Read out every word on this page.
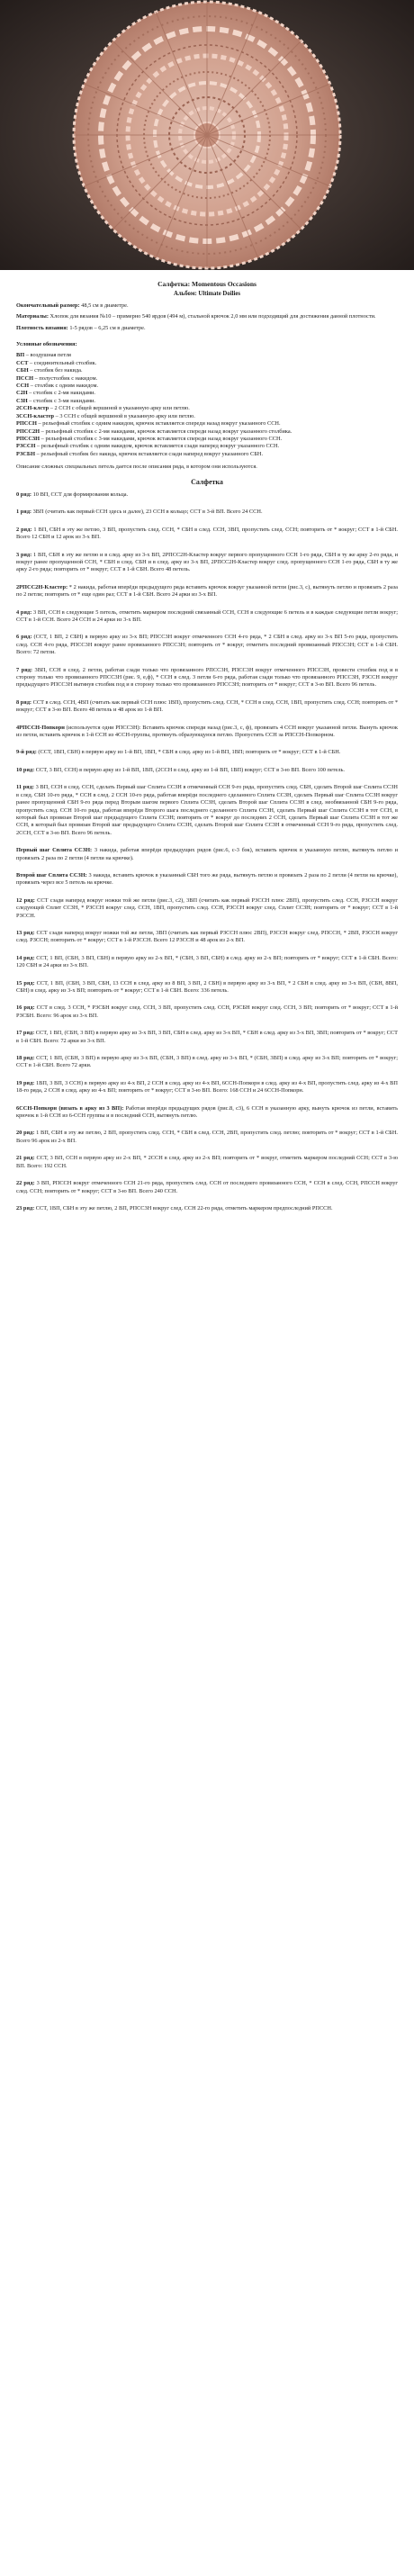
Салфетка: Momentous Occasions
Альбом: Ultimate Doilies
Окончательный размер: 48,5 см в диаметре.
Материалы: Хлопок для вязания №10 – примерно 540 ярдов (494 м), стальной крючок 2,0 мм или подходящий для достижения данной плотности.
Плотность вязания: 1-5 рядов – 6,25 см в диаметре.
Условные обозначения:
ВП – воздушная петля
ССТ – соединительный столбик.
СБН – столбик без накида.
ПССН – полустолбик с накидом.
ССН – столбик с одним накидом.
С2Н – столбик с 2-мя накидами.
С3Н – столбик с 3-мя накидами.
2ССН-клстр – 2 ССН с общей вершиной в указанную арку или петлю.
3ССН-кластер – 3 ССН с общей вершиной в указанную арку или петлю.
РПССН – рельефный столбик с одним накидом, крючок вставляется спереди назад вокруг указанного ССН.
РПСС2Н – рельефный столбик с 2-мя накидами, крючок вставляется спереди назад вокруг указанного столбика.
РПСС3Н – рельефный столбик с 3-мя накидами, крючок вставляется спереди назад вокруг указанного ССН.
РЗССН – рельефный столбик с одним накидом, крючок вставляется сзади наперед вокруг указанного ССН.
РЗСБН – рельефный столбик без накида, крючок вставляется сзади наперед вокруг указанного СБН.
Описание сложных специальных петель дается после описания ряда, в котором они используются.
Салфетка
0 ряд: 10 ВП, ССТ для формирования кольца.
1 ряд: 3ВП (считать как первый ССН здесь и далее), 23 ССН в кольцо; ССТ в 3-й ВП. Всего 24 ССН.
2 ряд: 1 ВП, СБН в эту же петлю, 3 ВП, пропустить след. ССН, * СБН в след. ССН, 3ВП, пропустить след. ССН; повторить от * вокруг; ССТ в 1-й СБН. Всего 12 СБН и 12 арок из 3-х ВП.
3 ряд: 1 ВП, СБН в эту же петлю и в след. арку из 3-х ВП, 2РПСС2Н-Кластер вокруг первого пропущенного ССН 1-го ряда, СБН в ту же арку 2-го ряда, и вокруг ранее пропущенной ССН, * СБН в след. СБН и в след. арку из 3-х ВП, 2РПСС2Н-Кластер вокруг след. пропущенного ССН 1-го ряда, СБН в ту же арку 2-го ряда; повторить от * вокруг; ССТ в 1-й СБН. Всего 48 петель.
2РПСС2Н-Кластер: * 2 накида, работая вперёди предыдущего ряда вставить крючок вокруг указанной петли (рис.3, с), вытянуть петлю и провязать 2 раза по 2 петли; повторить от * еще один раз; ССТ в 1-й СБН. Всего 24 арки из 3-х ВП.
4 ряд: 3 ВП, ССН в следующие 5 петель, отметить маркером последний связанный ССН, ССН в следующие 6 петель и в каждые следующие петли вокруг; ССТ в 1-й ССН. Всего 24 ССН и 24 арки из 3-х ВП.
6 ряд: (ССТ, 1 ВП, 2 СБН) в первую арку из 3-х ВП; РПСС3Н вокруг отмеченного ССН 4-го ряда, * 2 СБН в след. арку из 3-х ВП 5-го ряда, пропустить след. ССН 4-го ряда, РПСС3Н вокруг ранее провязанного РПСС3Н; повторить от * вокруг, отметить последний провязанный РПСС3Н; ССТ в 1-й СБН. Всего: 72 петли.
7 ряд: 3ВП, ССН в след. 2 петли, работая сзади только что провязанного РПСС3Н, РПСС3Н вокруг отмеченного РПСС3Н, провести столбик под и в сторону только что провязанного РПСС3Н (рис. 9, е,ф), * ССН в след. 3 петли 6-го ряда, работая сзади только что провязанного РПСС3Н, РЗССН вокруг предыдущего РПСС3Н вытянув столбик под и в сторону только что провязанного РПСС3Н; повторить от * вокруг; ССТ в 3-ю ВП. Всего 96 петель.
8 ряд: ССТ в след. ССН, 4ВП (считать как первый ССН плюс 1ВП), пропустить след. ССН, * ССН в след. ССН, 1ВП, пропустить след. ССН; повторить от * вокруг; ССТ в 3-ю ВП. Всего 48 петель и 48 арок из 1-й ВП.
4РПССН-Попкорн (используется одни РПСС3Н): Вставить крючок спереди назад (рис.3, с, ф), провязать 4 ССН вокруг указанной петли. Вынуть крючок из петли, вставить крючок в 1-й ССН из 4ССН-группы, протянуть образующуюся петлю. Пропустить ССН за РПССН-Попкорном.
9-й ряд: (ССТ, 1ВП, СБН) в первую арку из 1-й ВП, 1ВП, * СБН в след. арку из 1-й ВП, 1ВП; повторить от * вокруг; ССТ в 1-й СБН.
10 ряд: ССТ, 3 ВП, ССН) в первую арку из 1-й ВП, 1ВП, (2ССН в след. арку из 1-й ВП, 1ВП) вокруг; ССТ в 3-ю ВП. Всего 100 петель.
11 ряд: 3 ВП, ССН в след. ССН, сделать Первый шаг Сплита ССЗН в отмеченный ССН 9-го ряда, пропустить след. СБН, сделать Второй шаг Сплита ССЗН в след. СБН 10-го ряда, * ССН в след. 2 ССН 10-го ряда, работая вперёди последнего сделанного Сплита ССЗН, сделать Первый шаг Сплита ССЗН вокруг ранее пропущенной СБН 9-го ряда перед Вторым шагом первого Сплита ССЗН, сделать Второй шаг Сплита ССЗН в след. необвязанной СБН 9-го ряда, пропустить след. ССН 10-го ряда, работая вперёди Второго шага последнего сделанного Сплита ССЗН, сделать Первый шаг Сплита ССЗН в тот ССН, в который был провязан Второй шаг предыдущего Сплита ССЗН; повторить от * вокруг до последних 2 ССН, сделать Первый шаг Сплита ССЗН в тот же ССН, в который был провязан Второй шаг предыдущего Сплита ССЗН, сделать Второй шаг Сплита ССЗН в отмеченный ССН 9-го ряда, пропустить след. 2ССН, ССТ в 3-ю ВП. Всего 96 петель.
Первый шаг Сплита ССЗН: 3 накида, работая вперёди предыдущих рядов (рис.6, с-3 бэк), вставить крючок в указанную петлю, вытянуть петлю и провязать 2 раза по 2 петли (4 петли на крючке).
Второй шаг Сплита ССЗН: 3 накида, вставить крючок в указанный СБН того же ряда, вытянуть петлю и провязать 2 раза по 2 петли (4 петли на крючке), провязать через все 5 петель на крючке.
12 ряд: ССТ сзади наперед вокруг ножки той же петли (рис.3, с2), 3ВП (считать как первый РЗССН плюс 2ВП), пропустить след. ССН, РЗССН вокруг следующей Сплит ССЗН, * РЗССН вокруг след. ССН, 1ВП, пропустить след. ССН, РЗССН вокруг след. Сплит ССЗН; повторить от * вокруг; ССТ в 1-й РЗССН.
13 ряд: ССТ сзади наперед вокруг ножки той же петли, 3ВП (считать как первый РЗССН плюс 2ВП), РЗССН вокруг след. РПССН, * 2ВП, РЗССН вокруг след. РЗССН; повторить от * вокруг; ССТ в 1-й РЗССН. Всего 12 РЗССН и 48 арок из 2-х ВП.
14 ряд: ССТ, 1 ВП, (СБН, 3 ВП, СБН) в первую арку из 2-х ВП, * (СБН, 3 ВП, СБН) в след. арку из 2-х ВП; повторить от * вокруг; ССТ в 1-й СБН. Всего: 120 СБН и 24 арки из 3-х ВП.
15 ряд: ССТ, 1 ВП, (СБН, 3 ВП, СБН, 13 ССН в след. арку из 8 ВП, 3 ВП, 2 СБН) в первую арку из 3-х ВП, * 2 СБН в след. арку из 3-х ВП, (СБН, 8ВП, СБН) в след. арку из 3-х ВП; повторить от * вокруг; ССТ в 1-й СБН. Всего: 336 петель.
16 ряд: ССТ в след. 3 ССН, * РЗСБН вокруг след. ССН, 3 ВП, пропустить след. ССН, РЗСБН вокруг след. ССН, 3 ВП; повторить от * вокруг; ССТ в 1-й РЗСБН. Всего: 96 арок из 3-х ВП.
17 ряд: ССТ, 1 ВП, (СБН, 3 ВП) в первую арку из 3-х ВП, 3 ВП, СБН в след. арку из 3-х ВП, * СБН в след. арку из 3-х ВП, 3ВП; повторить от * вокруг; ССТ в 1-й СБН. Всего: 72 арки из 3-х ВП.
18 ряд: ССТ, 1 ВП, (СБН, 3 ВП) в первую арку из 3-х ВП, (СБН, 3 ВП) в след. арку из 3-х ВП, * (СБН, 3ВП) в след. арку из 3-х ВП; повторить от * вокруг; ССТ в 1-й СБН. Всего 72 арки.
19 ряд: 1ВП, 3 ВП, 3 ССН) в первую арку из 4-х ВП, 2 ССН в след. арку из 4-х ВП, 6ССН-Попкорн в след. арку из 4-х ВП, пропустить след. арку из 4-х ВП 18-го ряда, 2 ССН в след. арку из 4-х ВП; повторить от * вокруг; ССТ в 3-ю ВП. Всего: 168 ССН и 24 6ССН-Попкорн.
6ССН-Попкорн (вязать в арку из 3 ВП): Работая вперёди предыдущих рядов (рис.8, с3), 6 ССН в указанную арку, вынуть крючок из петли, вставить крючок в 1-й ССН из 6-ССН группы и в последний ССН, вытянуть петлю.
20 ряд: 1 ВП, СБН в эту же петлю, 2 ВП, пропустить след. ССН, * СБН в след. ССН, 2ВП, пропустить след. петлю; повторить от * вокруг; ССТ в 1-й СБН. Всего 96 арок из 2-х ВП.
21 ряд: ССТ, 3 ВП, ССН в первую арку из 2-х ВП, * 2ССН в след. арку из 2-х ВП; повторить от * вокруг, отметить маркером последний ССН; ССТ в 3-ю ВП. Всего: 192 ССН.
22 ряд: 3 ВП, РПССН вокруг отмеченного ССН 21-го ряда, пропустить след. ССН от последнего провязанного ССН, * ССН в след. ССН, РПССН вокруг след. ССН; повторить от * вокруг; ССТ в 3-ю ВП. Всего 240 ССН.
23 ряд: ССТ, 1ВП, СБН в эту же петлю, 2 ВП, РПСС3Н вокруг след. ССН 22-го ряда, отметить маркером предпоследний РПССН.
